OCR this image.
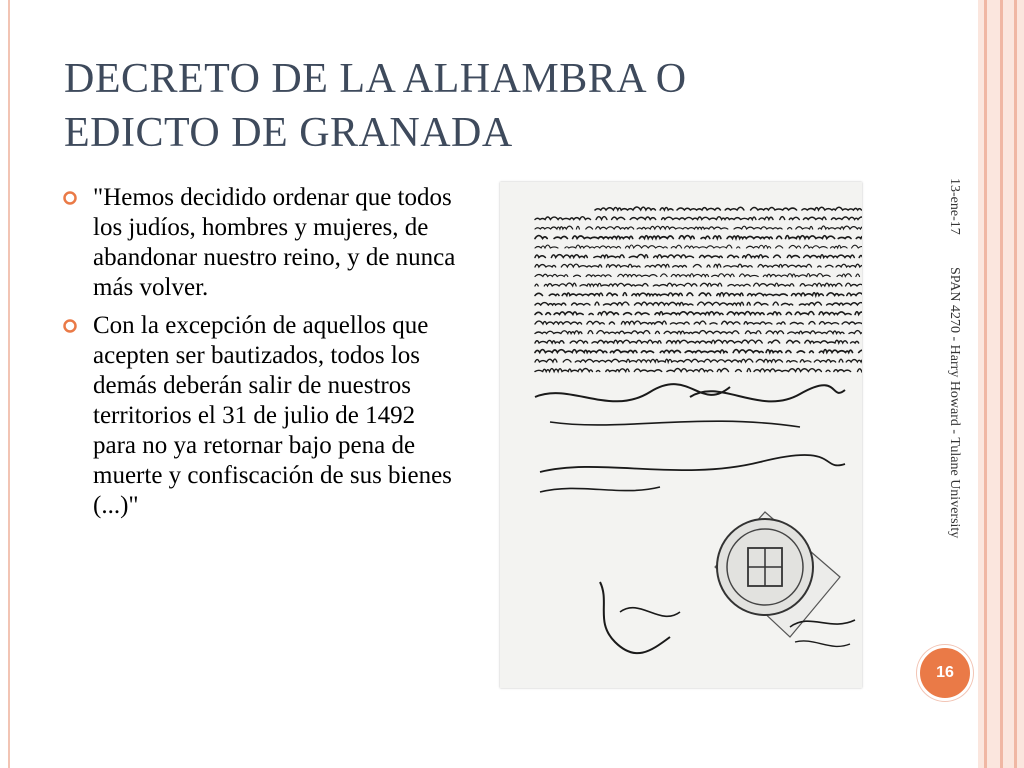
DECRETO DE LA ALHAMBRA O
EDICTO DE GRANADA
"Hemos decidido ordenar que todos los judíos, hombres y mujeres, de abandonar nuestro reino, y de nunca más volver.
Con la excepción de aquellos que acepten ser bautizados, todos los demás deberán salir de nuestros territorios el 31 de julio de 1492 para no ya retornar bajo pena de muerte y confiscación de sus bienes (...)"
13-ene-17
SPAN 4270 - Harry Howard - Tulane University
16
